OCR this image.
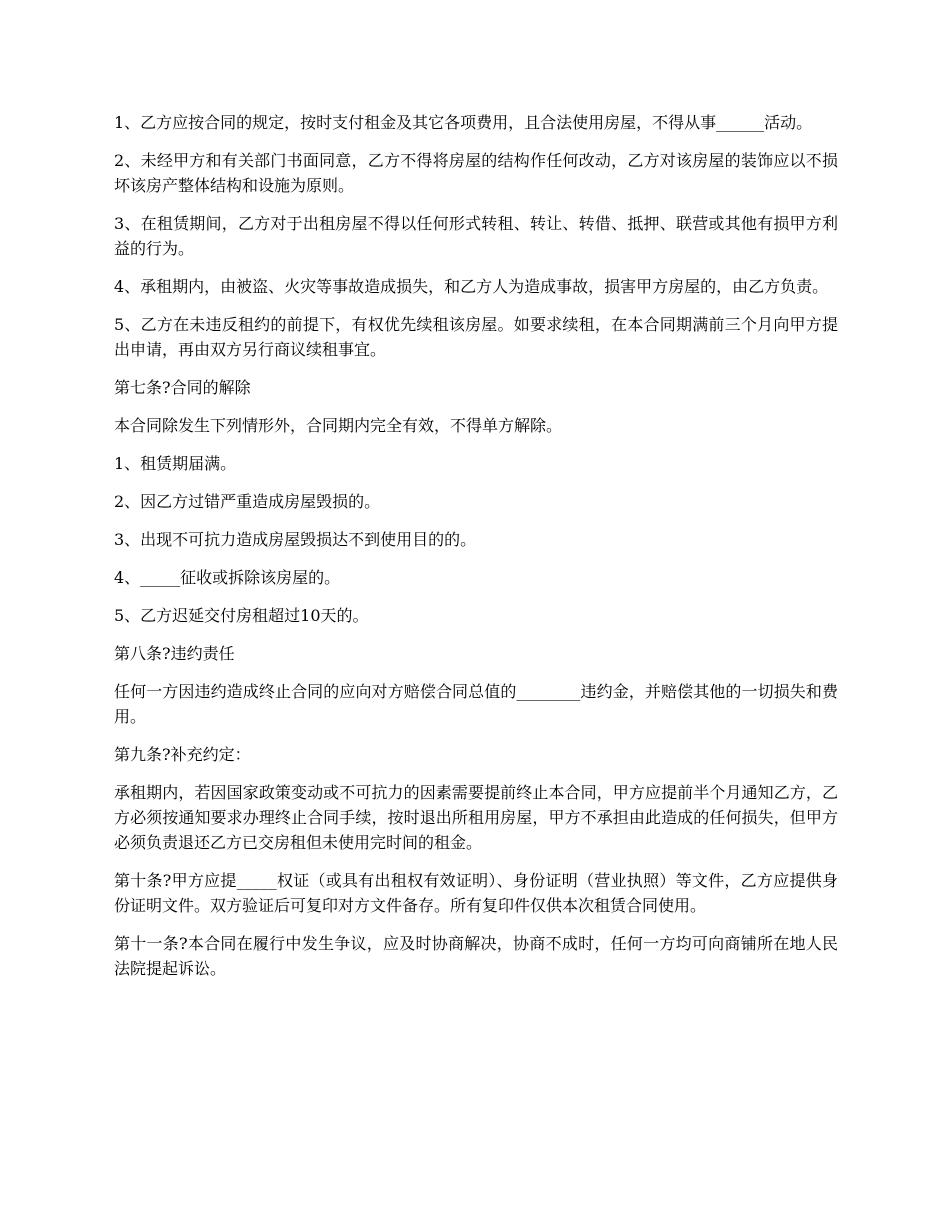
1、乙方应按合同的规定，按时支付租金及其它各项费用，且合法使用房屋，不得从事______活动。

2、未经甲方和有关部门书面同意，乙方不得将房屋的结构作任何改动，乙方对该房屋的装饰应以不损坏该房产整体结构和设施为原则。

3、在租赁期间，乙方对于出租房屋不得以任何形式转租、转让、转借、抵押、联营或其他有损甲方利益的行为。

4、承租期内，由被盗、火灾等事故造成损失，和乙方人为造成事故，损害甲方房屋的，由乙方负责。

5、乙方在未违反租约的前提下，有权优先续租该房屋。如要求续租，在本合同期满前三个月向甲方提出申请，再由双方另行商议续租事宜。

第七条?合同的解除

本合同除发生下列情形外，合同期内完全有效，不得单方解除。

1、租赁期届满。

2、因乙方过错严重造成房屋毁损的。

3、出现不可抗力造成房屋毁损达不到使用目的的。

4、_____征收或拆除该房屋的。

5、乙方迟延交付房租超过10天的。

第八条?违约责任

任何一方因违约造成终止合同的应向对方赔偿合同总值的________违约金，并赔偿其他的一切损失和费用。

第九条?补充约定：

承租期内，若因国家政策变动或不可抗力的因素需要提前终止本合同，甲方应提前半个月通知乙方，乙方必须按通知要求办理终止合同手续，按时退出所租用房屋，甲方不承担由此造成的任何损失，但甲方必须负责退还乙方已交房租但未使用完时间的租金。

第十条?甲方应提_____权证（或具有出租权有效证明）、身份证明（营业执照）等文件，乙方应提供身份证明文件。双方验证后可复印对方文件备存。所有复印件仅供本次租赁合同使用。

第十一条?本合同在履行中发生争议，应及时协商解决，协商不成时，任何一方均可向商铺所在地人民法院提起诉讼。
